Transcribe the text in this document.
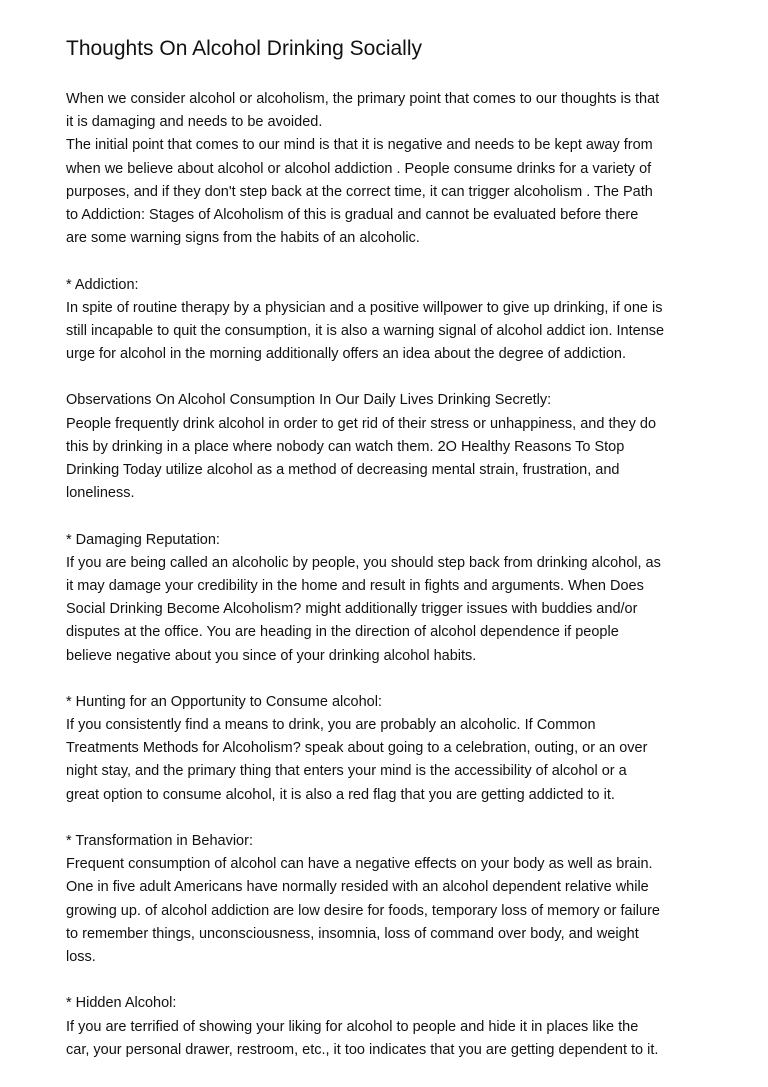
Thoughts On Alcohol Drinking Socially
When we consider alcohol or alcoholism, the primary point that comes to our thoughts is that
it is damaging and needs to be avoided.
The initial point that comes to our mind is that it is negative and needs to be kept away from
when we believe about alcohol or alcohol addiction . People consume drinks for a variety of
purposes, and if they don't step back at the correct time, it can trigger alcoholism . The Path
to Addiction: Stages of Alcoholism of this is gradual and cannot be evaluated before there
are some warning signs from the habits of an alcoholic.
* Addiction:
In spite of routine therapy by a physician and a positive willpower to give up drinking, if one is
still incapable to quit the consumption, it is also a warning signal of alcohol addict ion. Intense
urge for alcohol in the morning additionally offers an idea about the degree of addiction.
Observations On Alcohol Consumption In Our Daily Lives Drinking Secretly:
People frequently drink alcohol in order to get rid of their stress or unhappiness, and they do
this by drinking in a place where nobody can watch them. 2O Healthy Reasons To Stop
Drinking Today utilize alcohol as a method of decreasing mental strain, frustration, and
loneliness.
* Damaging Reputation:
If you are being called an alcoholic by people, you should step back from drinking alcohol, as
it may damage your credibility in the home and result in fights and arguments. When Does
Social Drinking Become Alcoholism? might additionally trigger issues with buddies and/or
disputes at the office. You are heading in the direction of alcohol dependence if people
believe negative about you since of your drinking alcohol habits.
* Hunting for an Opportunity to Consume alcohol:
If you consistently find a means to drink, you are probably an alcoholic. If Common
Treatments Methods for Alcoholism? speak about going to a celebration, outing, or an over
night stay, and the primary thing that enters your mind is the accessibility of alcohol or a
great option to consume alcohol, it is also a red flag that you are getting addicted to it.
* Transformation in Behavior:
Frequent consumption of alcohol can have a negative effects on your body as well as brain.
One in five adult Americans have normally resided with an alcohol dependent relative while
growing up. of alcohol addiction are low desire for foods, temporary loss of memory or failure
to remember things, unconsciousness, insomnia, loss of command over body, and weight
loss.
* Hidden Alcohol:
If you are terrified of showing your liking for alcohol to people and hide it in places like the
car, your personal drawer, restroom, etc., it too indicates that you are getting dependent to it.
